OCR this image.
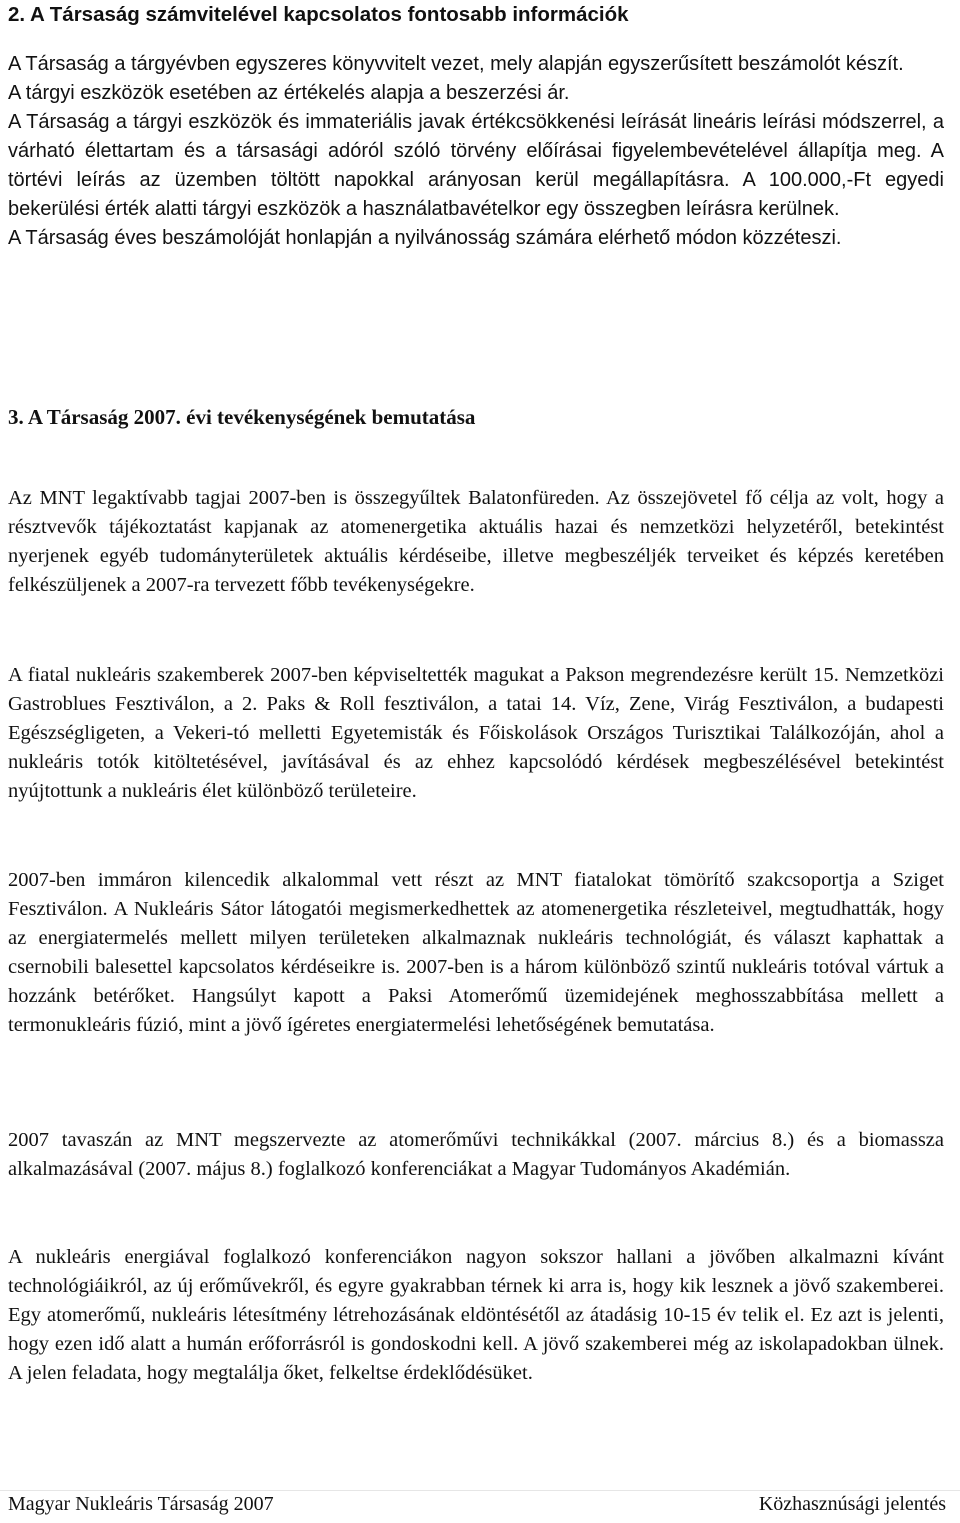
2. A Társaság számvitelével kapcsolatos fontosabb információk

A Társaság a tárgyévben egyszeres könyvvitelt vezet, mely alapján egyszerűsített beszámolót készít.

A tárgyi eszközök esetében az értékelés alapja a beszerzési ár.

A Társaság a tárgyi eszközök és immateriális javak értékcsökkenési leírását lineáris leírási módszerrel, a várható élettartam és a társasági adóról szóló törvény előírásai figyelembevételével állapítja meg. A törtévi leírás az üzemben töltött napokkal arányosan kerül megállapításra. A 100.000,-Ft egyedi bekerülési érték alatti tárgyi eszközök a használatbavételkor egy összegben leírásra kerülnek.

A Társaság éves beszámolóját honlapján a nyilvánosság számára elérhető módon közzéteszi.

3. A Társaság 2007. évi tevékenységének bemutatása

Az MNT legaktívabb tagjai 2007-ben is összegyűltek Balatonfüreden. Az összejövetel fő célja az volt, hogy a résztvevők tájékoztatást kapjanak az atomenergetika aktuális hazai és nemzetközi helyzetéről, betekintést nyerjenek egyéb tudományterületek aktuális kérdéseibe, illetve megbeszéljék terveiket és képzés keretében felkészüljenek a 2007-ra tervezett főbb tevékenységekre.

A fiatal nukleáris szakemberek 2007-ben képviseltették magukat a Pakson megrendezésre került 15. Nemzetközi Gastroblues Fesztiválon, a 2. Paks & Roll fesztiválon, a tatai 14. Víz, Zene, Virág Fesztiválon, a budapesti Egészségligeten, a Vekeri-tó melletti Egyetemisták és Főiskolások Országos Turisztikai Találkozóján, ahol a nukleáris totók kitöltetésével, javításával és az ehhez kapcsolódó kérdések megbeszélésével betekintést nyújtottunk a nukleáris élet különböző területeire.

2007-ben immáron kilencedik alkalommal vett részt az MNT fiatalokat tömörítő szakcsoportja a Sziget Fesztiválon. A Nukleáris Sátor látogatói megismerkedhettek az atomenergetika részleteivel, megtudhatták, hogy az energiatermelés mellett milyen területeken alkalmaznak nukleáris technológiát, és választ kaphattak a csernobili balesettel kapcsolatos kérdéseikre is. 2007-ben is a három különböző szintű nukleáris totóval vártuk a hozzánk betérőket. Hangsúlyt kapott a Paksi Atomerőmű üzemidejének meghosszabbítása mellett a termonukleáris fúzió, mint a jövő ígéretes energiatermelési lehetőségének bemutatása.

2007 tavaszán az MNT megszervezte az atomerőművi technikákkal (2007. március 8.) és a biomassza alkalmazásával (2007. május 8.) foglalkozó konferenciákat a Magyar Tudományos Akadémián.

A nukleáris energiával foglalkozó konferenciákon nagyon sokszor hallani a jövőben alkalmazni kívánt technológiáikról, az új erőművekről, és egyre gyakrabban térnek ki arra is, hogy kik lesznek a jövő szakemberei. Egy atomerőmű, nukleáris létesítmény létrehozásának eldöntésétől az átadásig 10-15 év telik el. Ez azt is jelenti, hogy ezen idő alatt a humán erőforrásról is gondoskodni kell. A jövő szakemberei még az iskolapadokban ülnek. A jelen feladata, hogy megtalálja őket, felkeltse érdeklődésüket.

Magyar Nukleáris Társaság 2007	Közhasznúsági jelentés
